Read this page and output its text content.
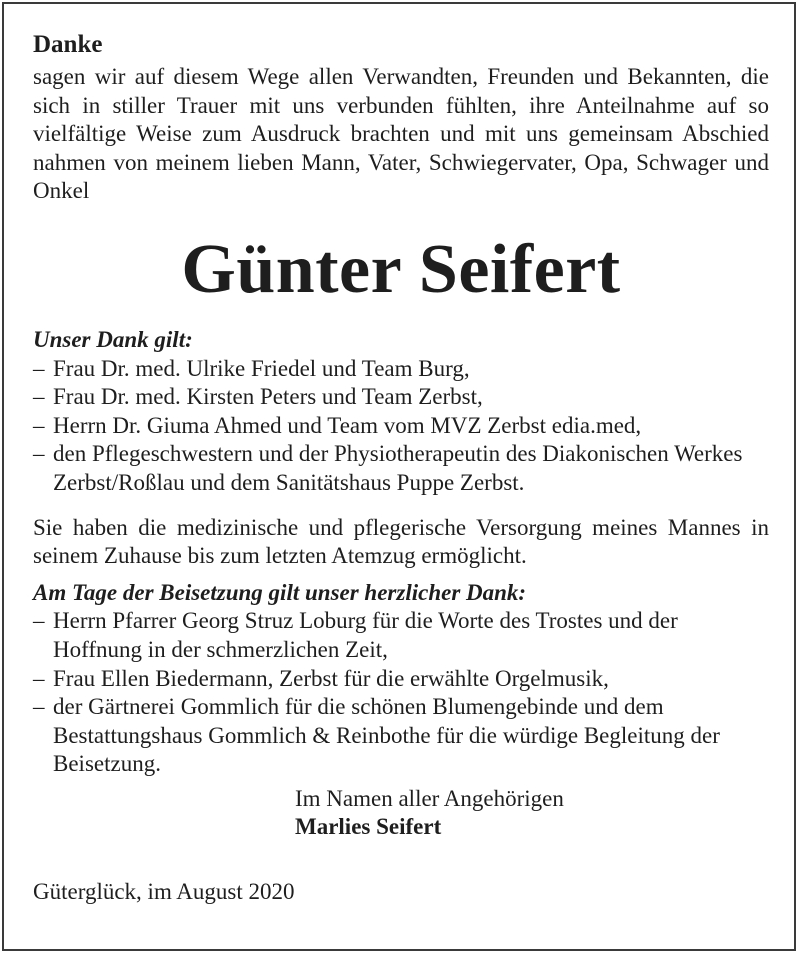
Danke

sagen wir auf diesem Wege allen Verwandten, Freunden und Bekannten, die sich in stiller Trauer mit uns verbunden fühlten, ihre Anteilnahme auf so vielfältige Weise zum Ausdruck brachten und mit uns gemeinsam Abschied nahmen von meinem lieben Mann, Vater, Schwiegervater, Opa, Schwager und Onkel

Günter Seifert

Unser Dank gilt:

– Frau Dr. med. Ulrike Friedel und Team Burg,
– Frau Dr. med. Kirsten Peters und Team Zerbst,
– Herrn Dr. Giuma Ahmed und Team vom MVZ Zerbst edia.med,
– den Pflegeschwestern und der Physiotherapeutin des Diakonischen Werkes Zerbst/Roßlau und dem Sanitätshaus Puppe Zerbst.

Sie haben die medizinische und pflegerische Versorgung meines Mannes in seinem Zuhause bis zum letzten Atemzug ermöglicht.

Am Tage der Beisetzung gilt unser herzlicher Dank:

– Herrn Pfarrer Georg Struz Loburg für die Worte des Trostes und der Hoffnung in der schmerzlichen Zeit,
– Frau Ellen Biedermann, Zerbst für die erwählte Orgelmusik,
– der Gärtnerei Gommlich für die schönen Blumengebinde und dem Bestattungshaus Gommlich & Reinbothe für die würdige Begleitung der Beisetzung.
Im Namen aller Angehörigen
Marlies Seifert
Güterglück, im August 2020
